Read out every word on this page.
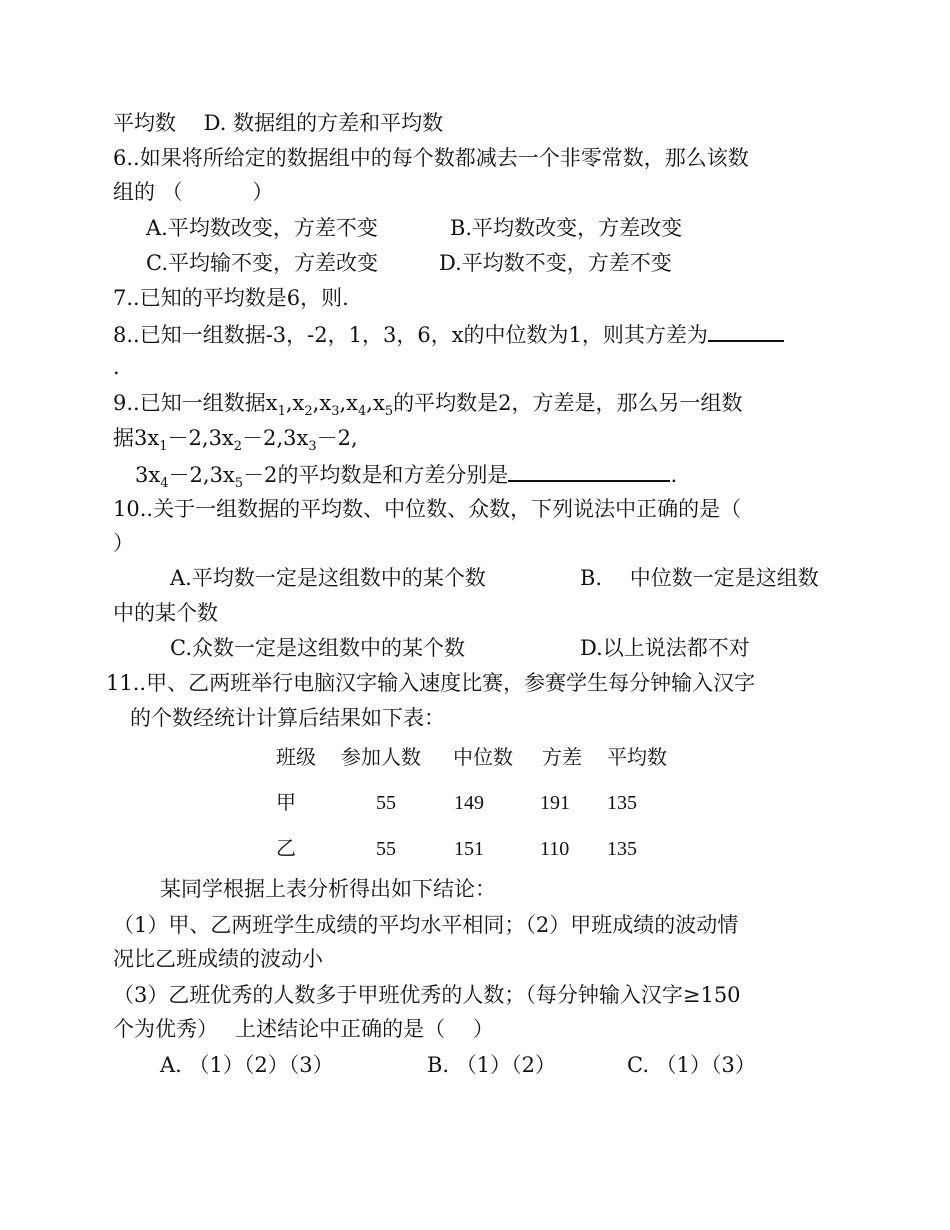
平均数　 D. 数据组的方差和平均数
6..如果将所给定的数据组中的每个数都减去一个非零常数，那么该数
组的 （ 　　　）
A.平均数改变，方差不变	B.平均数改变，方差改变
C.平均输不变，方差改变	D.平均数不变，方差不变
7..已知的平均数是6，则.
8..已知一组数据-3，-2，1，3，6，x的中位数为1，则其方差为
.
9..已知一组数据$x_1,x_2,x_3,x_4,x_5$的平均数是2，方差是，那么另一组数
据$3x_1-2,3x_2-2,3x_3-2$,
$3x_4-2,3x_5-2$的平均数是和方差分别是	.
10..关于一组数据的平均数、中位数、众数，下列说法中正确的是（
）
A.平均数一定是这组数中的某个数	B.　 中位数一定是这组数
中的某个数
C.众数一定是这组数中的某个数	D.以上说法都不对
11..甲、乙两班举行电脑汉字输入速度比赛，参赛学生每分钟输入汉字
的个数经统计计算后结果如下表：
班级 参加人数 中位数 方差 平均数
甲	55	149	191 135
乙	55	151	110 135
某同学根据上表分析得出如下结论：
（1）甲、乙两班学生成绩的平均水平相同；（2）甲班成绩的波动情
况比乙班成绩的波动小
（3）乙班优秀的人数多于甲班优秀的人数；（每分钟输入汉字≥150
个为优秀）　 上述结论中正确的是（　 ）
A. （1）（2）（3）	B. （1）（2）	C. （1）（3）
